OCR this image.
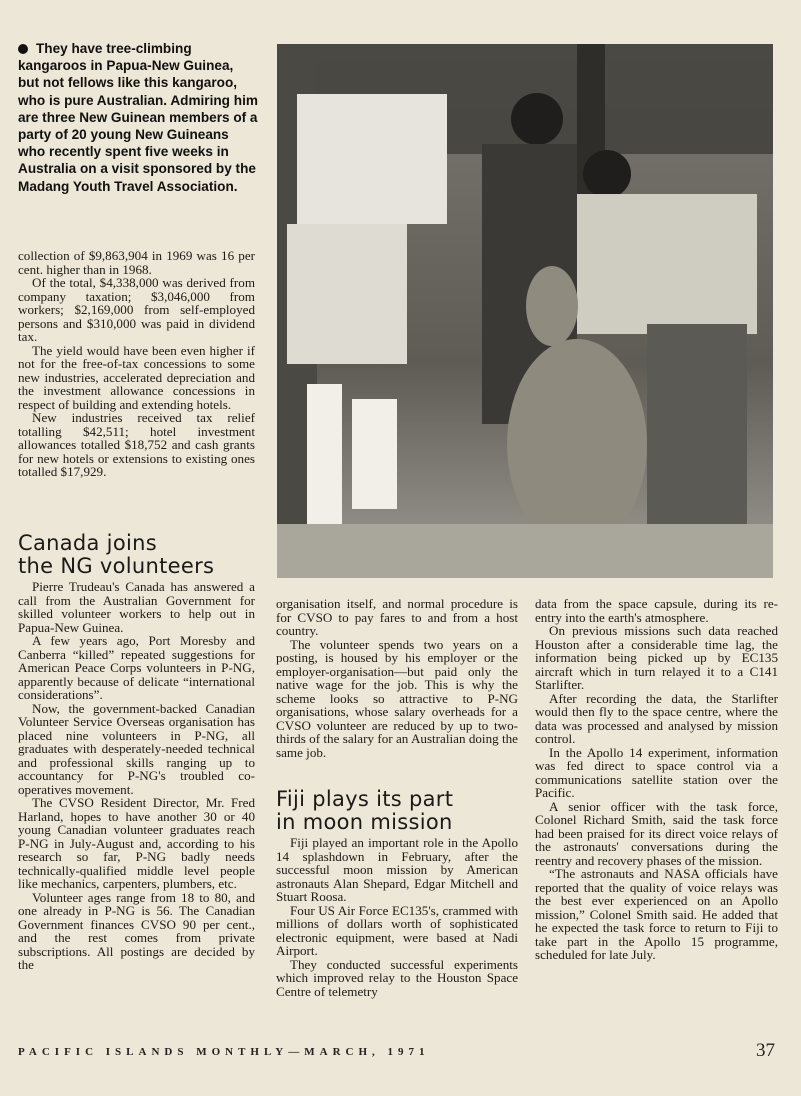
They have tree-climbing kangaroos in Papua-New Guinea, but not fellows like this kangaroo, who is pure Australian. Admiring him are three New Guinean members of a party of 20 young New Guineans who recently spent five weeks in Australia on a visit sponsored by the Madang Youth Travel Association.

collection of $9,863,904 in 1969 was 16 per cent. higher than in 1968.

Of the total, $4,338,000 was derived from company taxation; $3,046,000 from workers; $2,169,000 from self-employed persons and $310,000 was paid in dividend tax.

The yield would have been even higher if not for the free-of-tax concessions to some new industries, accelerated depreciation and the investment allowance concessions in respect of building and extending hotels.

New industries received tax relief totalling $42,511; hotel investment allowances totalled $18,752 and cash grants for new hotels or extensions to existing ones totalled $17,929.

Canada joins
the NG volunteers

Pierre Trudeau's Canada has answered a call from the Australian Government for skilled volunteer workers to help out in Papua-New Guinea.

A few years ago, Port Moresby and Canberra “killed” repeated suggestions for American Peace Corps volunteers in P-NG, apparently because of delicate “international considerations”.

Now, the government-backed Canadian Volunteer Service Overseas organisation has placed nine volunteers in P-NG, all graduates with desperately-needed technical and professional skills ranging up to accountancy for P-NG's troubled co-operatives movement.

The CVSO Resident Director, Mr. Fred Harland, hopes to have another 30 or 40 young Canadian volunteer graduates reach P-NG in July-August and, according to his research so far, P-NG badly needs technically-qualified middle level people like mechanics, carpenters, plumbers, etc.

Volunteer ages range from 18 to 80, and one already in P-NG is 56. The Canadian Government finances CVSO 90 per cent., and the rest comes from private subscriptions. All postings are decided by the

organisation itself, and normal procedure is for CVSO to pay fares to and from a host country.

The volunteer spends two years on a posting, is housed by his employer or the employer-organisation—but paid only the native wage for the job. This is why the scheme looks so attractive to P-NG organisations, whose salary overheads for a CVSO volunteer are reduced by up to two-thirds of the salary for an Australian doing the same job.

Fiji plays its part
in moon mission

Fiji played an important role in the Apollo 14 splashdown in February, after the successful moon mission by American astronauts Alan Shepard, Edgar Mitchell and Stuart Roosa.

Four US Air Force EC135's, crammed with millions of dollars worth of sophisticated electronic equipment, were based at Nadi Airport.

They conducted successful experiments which improved relay to the Houston Space Centre of telemetry

data from the space capsule, during its re-entry into the earth's atmosphere.

On previous missions such data reached Houston after a considerable time lag, the information being picked up by EC135 aircraft which in turn relayed it to a C141 Starlifter.

After recording the data, the Starlifter would then fly to the space centre, where the data was processed and analysed by mission control.

In the Apollo 14 experiment, information was fed direct to space control via a communications satellite station over the Pacific.

A senior officer with the task force, Colonel Richard Smith, said the task force had been praised for its direct voice relays of the astronauts' conversations during the reentry and recovery phases of the mission.

“The astronauts and NASA officials have reported that the quality of voice relays was the best ever experienced on an Apollo mission,” Colonel Smith said. He added that he expected the task force to return to Fiji to take part in the Apollo 15 programme, scheduled for late July.

PACIFIC ISLANDS MONTHLY—MARCH, 1971	37
